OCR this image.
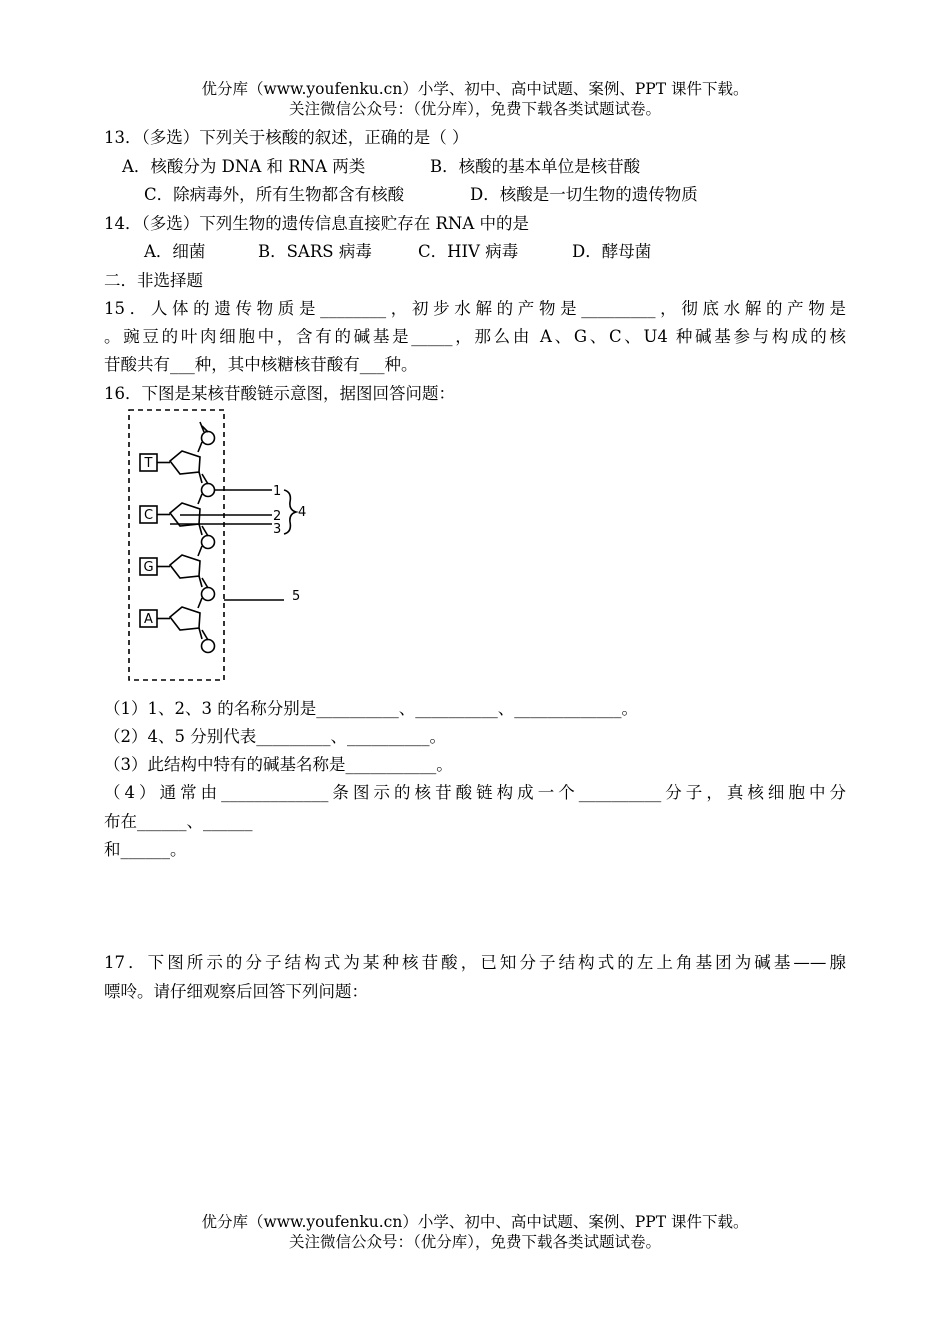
优分库（www.youfenku.cn）小学、初中、高中试题、案例、PPT 课件下载。
关注微信公众号：（优分库），免费下载各类试题试卷。
13．（多选）下列关于核酸的叙述，正确的是（ ）
A．核酸分为 DNA 和 RNA 两类	B．核酸的基本单位是核苷酸
C．除病毒外，所有生物都含有核酸	D．核酸是一切生物的遗传物质
14．（多选）下列生物的遗传信息直接贮存在 RNA 中的是
A．细菌	B．SARS 病毒	C．HIV 病毒	D．酵母菌
二．非选择题
15．人体的遗传物质是________，初步水解的产物是_________，彻底水解的产物是
。豌豆的叶肉细胞中，含有的碱基是_____，那么由 A、G、C、U4 种碱基参与构成的核
苷酸共有___种，其中核糖核苷酸有___种。
16．下图是某核苷酸链示意图，据图回答问题：
T
C
G
A
1
2
3
4
5
（1）1、2、3 的名称分别是__________、__________、_____________。
（2）4、5 分别代表_________、__________。
（3）此结构中特有的碱基名称是___________。
（4）通常由_____________条图示的核苷酸链构成一个__________分子，真核细胞中分
布在______、______
和______。
17．下图所示的分子结构式为某种核苷酸，已知分子结构式的左上角基团为碱基——腺
嘌呤。请仔细观察后回答下列问题：
优分库（www.youfenku.cn）小学、初中、高中试题、案例、PPT 课件下载。
关注微信公众号：（优分库），免费下载各类试题试卷。
